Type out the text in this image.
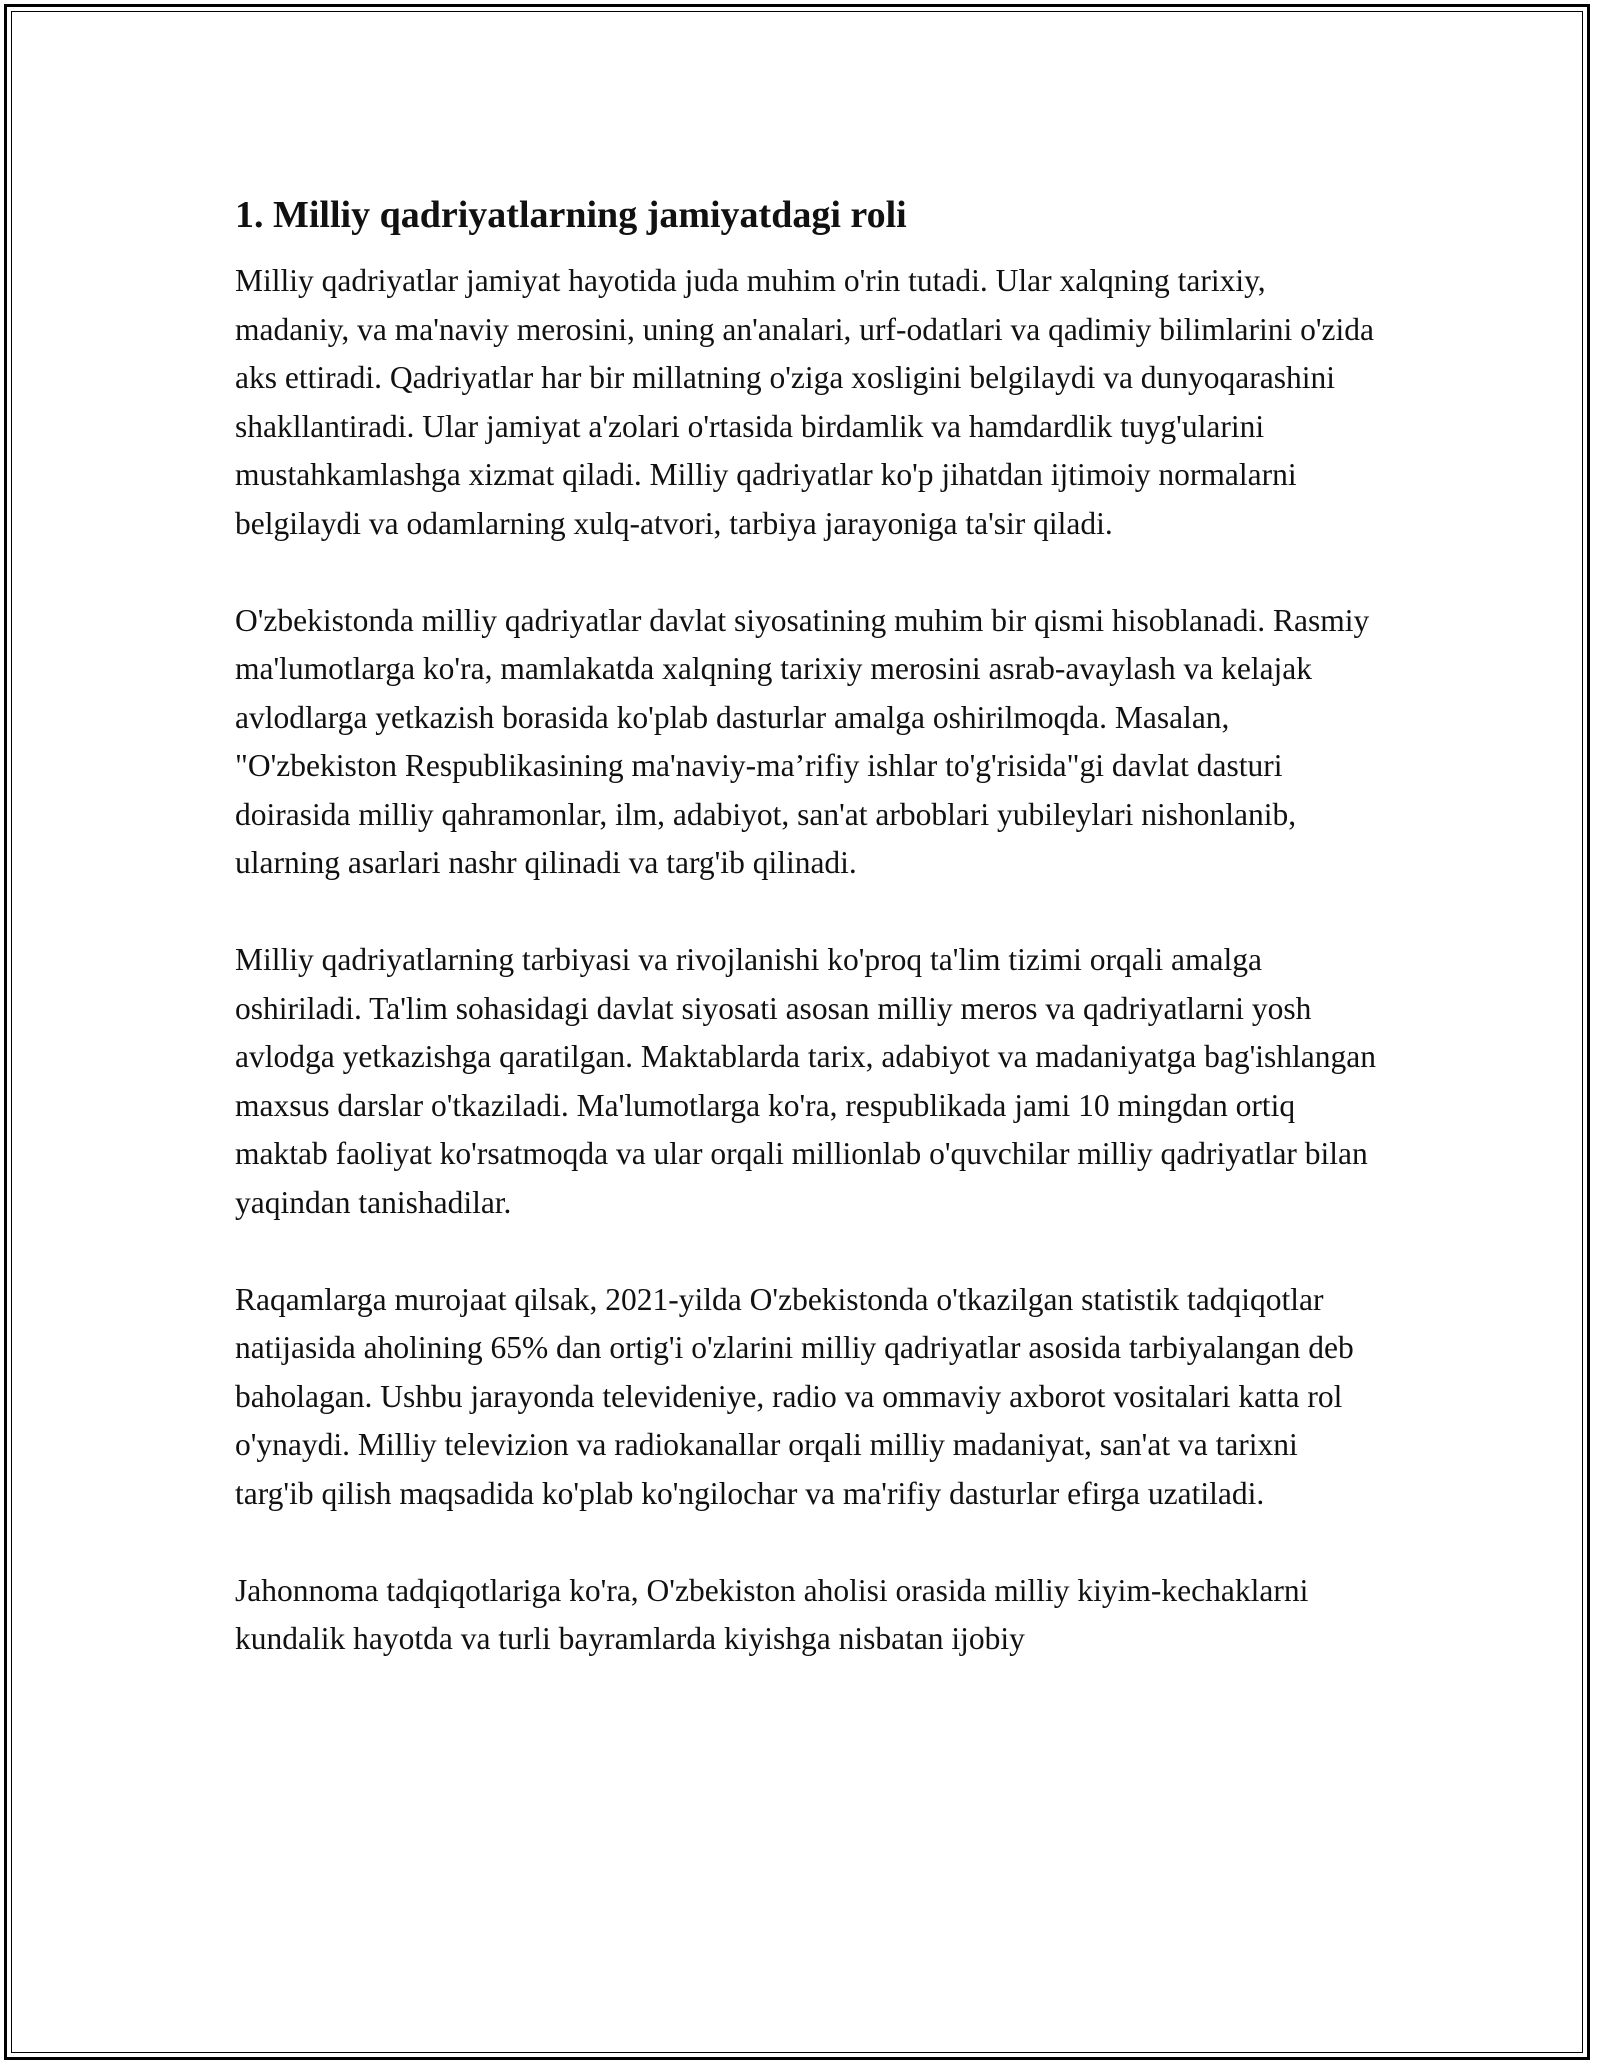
1. Milliy qadriyatlarning jamiyatdagi roli

Milliy qadriyatlar jamiyat hayotida juda muhim o'rin tutadi. Ular xalqning tarixiy, madaniy, va ma'naviy merosini, uning an'analari, urf-odatlari va qadimiy bilimlarini o'zida aks ettiradi. Qadriyatlar har bir millatning o'ziga xosligini belgilaydi va dunyoqarashini shakllantiradi. Ular jamiyat a'zolari o'rtasida birdamlik va hamdardlik tuyg'ularini mustahkamlashga xizmat qiladi. Milliy qadriyatlar ko'p jihatdan ijtimoiy normalarni belgilaydi va odamlarning xulq-atvori, tarbiya jarayoniga ta'sir qiladi.

O'zbekistonda milliy qadriyatlar davlat siyosatining muhim bir qismi hisoblanadi. Rasmiy ma'lumotlarga ko'ra, mamlakatda xalqning tarixiy merosini asrab-avaylash va kelajak avlodlarga yetkazish borasida ko'plab dasturlar amalga oshirilmoqda. Masalan, "O'zbekiston Respublikasining ma'naviy-ma’rifiy ishlar to'g'risida"gi davlat dasturi doirasida milliy qahramonlar, ilm, adabiyot, san'at arboblari yubileylari nishonlanib, ularning asarlari nashr qilinadi va targ'ib qilinadi.

Milliy qadriyatlarning tarbiyasi va rivojlanishi ko'proq ta'lim tizimi orqali amalga oshiriladi. Ta'lim sohasidagi davlat siyosati asosan milliy meros va qadriyatlarni yosh avlodga yetkazishga qaratilgan. Maktablarda tarix, adabiyot va madaniyatga bag'ishlangan maxsus darslar o'tkaziladi. Ma'lumotlarga ko'ra, respublikada jami 10 mingdan ortiq maktab faoliyat ko'rsatmoqda va ular orqali millionlab o'quvchilar milliy qadriyatlar bilan yaqindan tanishadilar.

Raqamlarga murojaat qilsak, 2021-yilda O'zbekistonda o'tkazilgan statistik tadqiqotlar natijasida aholining 65% dan ortig'i o'zlarini milliy qadriyatlar asosida tarbiyalangan deb baholagan. Ushbu jarayonda televideniye, radio va ommaviy axborot vositalari katta rol o'ynaydi. Milliy televizion va radiokanallar orqali milliy madaniyat, san'at va tarixni targ'ib qilish maqsadida ko'plab ko'ngilochar va ma'rifiy dasturlar efirga uzatiladi.

Jahonnoma tadqiqotlariga ko'ra, O'zbekiston aholisi orasida milliy kiyim-kechaklarni kundalik hayotda va turli bayramlarda kiyishga nisbatan ijobiy
